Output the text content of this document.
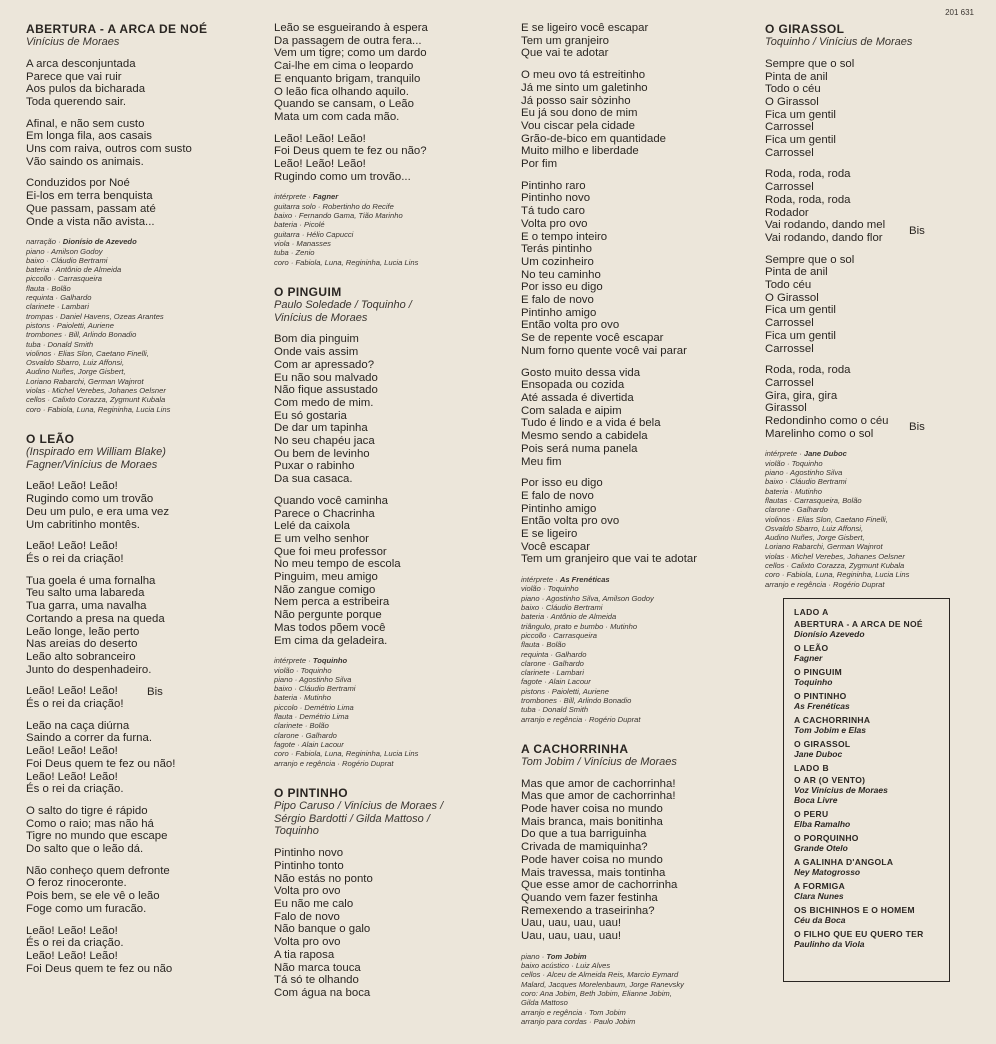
201 631
ABERTURA - A ARCA DE NOÉ
Vinícius de Moraes
A arca desconjuntada
Parece que vai ruir
Aos pulos da bicharada
Toda querendo sair.
Afinal, e não sem custo
Em longa fila, aos casais
Uns com raiva, outros com susto
Vão saindo os animais.
Conduzidos por Noé
Ei-los em terra benquista
Que passam, passam até
Onde a vista não avista...
narração · Dionísio de Azevedo
piano · Amilson Godoy
baixo · Cláudio Bertrami
bateria · Antônio de Almeida
piccollo · Carrasqueira
flauta · Bolão
requinta · Galhardo
clarinete · Lambari
trompas · Daniel Havens, Ozeas Arantes
pistons · Paioletti, Auriene
trombones · Bill, Arlindo Bonadio
tuba · Donald Smith
violinos · Elias Slon, Caetano Finelli,
Osvaldo Sbarro, Luiz Affonsi,
Audino Nuñes, Jorge Gisbert,
Loriano Rabarchi, German Wajnrot
violas · Michel Verebes, Johanes Oelsner
cellos · Calixto Corazza, Zygmunt Kubala
coro · Fabiola, Luna, Regininha, Lucia Lins
O LEÃO
(Inspirado em William Blake)
Fagner/Vinícius de Moraes
Leão! Leão! Leão!
Rugindo como um trovão
Deu um pulo, e era uma vez
Um cabritinho montês.
Leão! Leão! Leão!
És o rei da criação!
Tua goela é uma fornalha
Teu salto uma labareda
Tua garra, uma navalha
Cortando a presa na queda
Leão longe, leão perto
Nas areias do deserto
Leão alto sobranceiro
Junto do despenhadeiro.
Leão! Leão! Leão!
És o rei da criação!
Bis
Leão na caça diúrna
Saindo a correr da furna.
Leão! Leão! Leão!
Foi Deus quem te fez ou não!
Leão! Leão! Leão!
És o rei da criação.
O salto do tigre é rápido
Como o raio; mas não há
Tigre no mundo que escape
Do salto que o leão dá.
Não conheço quem defronte
O feroz rinoceronte.
Pois bem, se ele vê o leão
Foge como um furacão.
Leão! Leão! Leão!
És o rei da criação.
Leão! Leão! Leão!
Foi Deus quem te fez ou não
Leão se esgueirando à espera
Da passagem de outra fera...
Vem um tigre; como um dardo
Cai-lhe em cima o leopardo
E enquanto brigam, tranquilo
O leão fica olhando aquilo.
Quando se cansam, o Leão
Mata um com cada mão.
Leão! Leão! Leão!
Foi Deus quem te fez ou não?
Leão! Leão! Leão!
Rugindo como um trovão...
intérprete · Fagner
guitarra solo · Robertinho do Recife
baixo · Fernando Gama, Tião Marinho
bateria · Picolé
guitarra · Hélio Capucci
viola · Manasses
tuba · Zenio
coro · Fabiola, Luna, Regininha, Lucia Lins
O PINGUIM
Paulo Soledade / Toquinho /
Vinícius de Moraes
Bom dia pinguim
Onde vais assim
Com ar apressado?
Eu não sou malvado
Não fique assustado
Com medo de mim.
Eu só gostaria
De dar um tapinha
No seu chapéu jaca
Ou bem de levinho
Puxar o rabinho
Da sua casaca.
Quando você caminha
Parece o Chacrinha
Lelé da caixola
E um velho senhor
Que foi meu professor
No meu tempo de escola
Pinguim, meu amigo
Não zangue comigo
Nem perca a estribeira
Não pergunte porque
Mas todos põem você
Em cima da geladeira.
intérprete · Toquinho
violão · Toquinho
piano · Agostinho Silva
baixo · Cláudio Bertrami
bateria · Mutinho
piccolo · Demétrio Lima
flauta · Demétrio Lima
clarinete · Bolão
clarone · Galhardo
fagote · Alain Lacour
coro · Fabiola, Luna, Regininha, Lucia Lins
arranjo e regência · Rogério Duprat
O PINTINHO
Pipo Caruso / Vinícius de Moraes /
Sérgio Bardotti / Gilda Mattoso /
Toquinho
Pintinho novo
Pintinho tonto
Não estás no ponto
Volta pro ovo
Eu não me calo
Falo de novo
Não banque o galo
Volta pro ovo
A tia raposa
Não marca touca
Tá só te olhando
Com água na boca
E se ligeiro você escapar
Tem um granjeiro
Que vai te adotar
O meu ovo tá estreitinho
Já me sinto um galetinho
Já posso sair sòzinho
Eu já sou dono de mim
Vou ciscar pela cidade
Grão-de-bico em quantidade
Muito milho e liberdade
Por fim
Pintinho raro
Pintinho novo
Tá tudo caro
Volta pro ovo
E o tempo inteiro
Terás pintinho
Um cozinheiro
No teu caminho
Por isso eu digo
E falo de novo
Pintinho amigo
Então volta pro ovo
Se de repente você escapar
Num forno quente você vai parar
Gosto muito dessa vida
Ensopada ou cozida
Até assada é divertida
Com salada e aipim
Tudo é lindo e a vida é bela
Mesmo sendo a cabidela
Pois será numa panela
Meu fim
Por isso eu digo
E falo de novo
Pintinho amigo
Então volta pro ovo
E se ligeiro
Você escapar
Tem um granjeiro que vai te adotar
intérprete · As Frenéticas
violão · Toquinho
piano · Agostinho Silva, Amilson Godoy
baixo · Cláudio Bertrami
bateria · Antônio de Almeida
triângulo, prato e bumbo · Mutinho
piccollo · Carrasqueira
flauta · Bolão
requinta · Galhardo
clarone · Galhardo
clarinete · Lambari
fagote · Alain Lacour
pistons · Paioletti, Auriene
trombones · Bill, Arlindo Bonadio
tuba · Donald Smith
arranjo e regência · Rogério Duprat
A CACHORRINHA
Tom Jobim / Vinícius de Moraes
Mas que amor de cachorrinha!
Mas que amor de cachorrinha!
Pode haver coisa no mundo
Mais branca, mais bonitinha
Do que a tua barriguinha
Crivada de mamiquinha?
Pode haver coisa no mundo
Mais travessa, mais tontinha
Que esse amor de cachorrinha
Quando vem fazer festinha
Remexendo a traseirinha?
Uau, uau, uau, uau!
Uau, uau, uau, uau!
piano · Tom Jobim
baixo acústico · Luiz Alves
cellos · Alceu de Almeida Reis, Marcio Eymard
Malard, Jacques Morelenbaum, Jorge Ranevsky
coro: Ana Jobim, Beth Jobim, Elianne Jobim,
Gilda Mattoso
arranjo e regência · Tom Jobim
arranjo para cordas · Paulo Jobim
O GIRASSOL
Toquinho / Vinícius de Moraes
Sempre que o sol
Pinta de anil
Todo o céu
O Girassol
Fica um gentil
Carrossel
Fica um gentil
Carrossel
Roda, roda, roda
Carrossel
Roda, roda, roda
Rodador
Vai rodando, dando mel
Vai rodando, dando flor
Bis
Sempre que o sol
Pinta de anil
Todo céu
O Girassol
Fica um gentil
Carrossel
Fica um gentil
Carrossel
Roda, roda, roda
Carrossel
Gira, gira, gira
Girassol
Redondinho como o céu
Marelinho como o sol
Bis
intérprete · Jane Duboc
violão · Toquinho
piano · Agostinho Silva
baixo · Cláudio Bertrami
bateria · Mutinho
flautas · Carrasqueira, Bolão
clarone · Galhardo
violinos · Elias Slon, Caetano Finelli,
Osvaldo Sbarro, Luiz Affonsi,
Audino Nuñes, Jorge Gisbert,
Loriano Rabarchi, German Wajnrot
violas · Michel Verebes, Johanes Oelsner
cellos · Calixto Corazza, Zygmunt Kubala
coro · Fabiola, Luna, Regininha, Lucia Lins
arranjo e regência · Rogério Duprat
LADO A
ABERTURA - A ARCA DE NOÉ
Dionísio Azevedo
O LEÃO
Fagner
O PINGUIM
Toquinho
O PINTINHO
As Frenéticas
A CACHORRINHA
Tom Jobim e Elas
O GIRASSOL
Jane Duboc
LADO B
O AR (O VENTO)
Voz Vinícius de Moraes
Boca Livre
O PERU
Elba Ramalho
O PORQUINHO
Grande Otelo
A GALINHA D'ANGOLA
Ney Matogrosso
A FORMIGA
Clara Nunes
OS BICHINHOS E O HOMEM
Céu da Boca
O FILHO QUE EU QUERO TER
Paulinho da Viola
